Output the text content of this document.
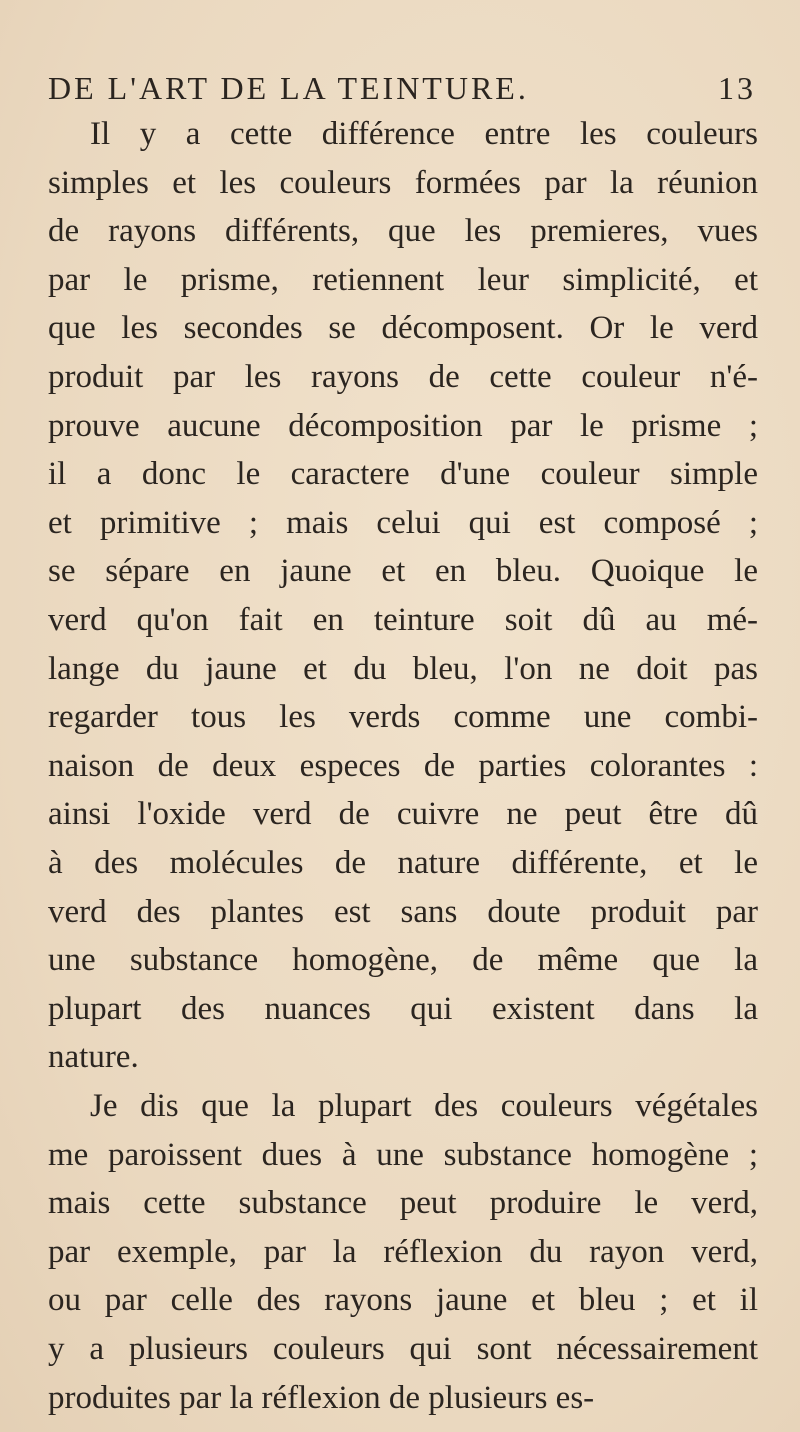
DE L'ART DE LA TEINTURE.	13
Il y a cette différence entre les couleurs
simples et les couleurs formées par la réunion
de rayons différents, que les premieres, vues
par le prisme, retiennent leur simplicité, et
que les secondes se décomposent. Or le verd
produit par les rayons de cette couleur n'é-
prouve aucune décomposition par le prisme ;
il a donc le caractere d'une couleur simple
et primitive ; mais celui qui est composé ;
se sépare en jaune et en bleu. Quoique le
verd qu'on fait en teinture soit dû au mé-
lange du jaune et du bleu, l'on ne doit pas
regarder tous les verds comme une combi-
naison de deux especes de parties colorantes :
ainsi l'oxide verd de cuivre ne peut être dû
à des molécules de nature différente, et le
verd des plantes est sans doute produit par
une substance homogène, de même que la
plupart des nuances qui existent dans la
nature.
Je dis que la plupart des couleurs végétales
me paroissent dues à une substance homogène ;
mais cette substance peut produire le verd,
par exemple, par la réflexion du rayon verd,
ou par celle des rayons jaune et bleu ; et il
y a plusieurs couleurs qui sont nécessairement
produites par la réflexion de plusieurs es-
